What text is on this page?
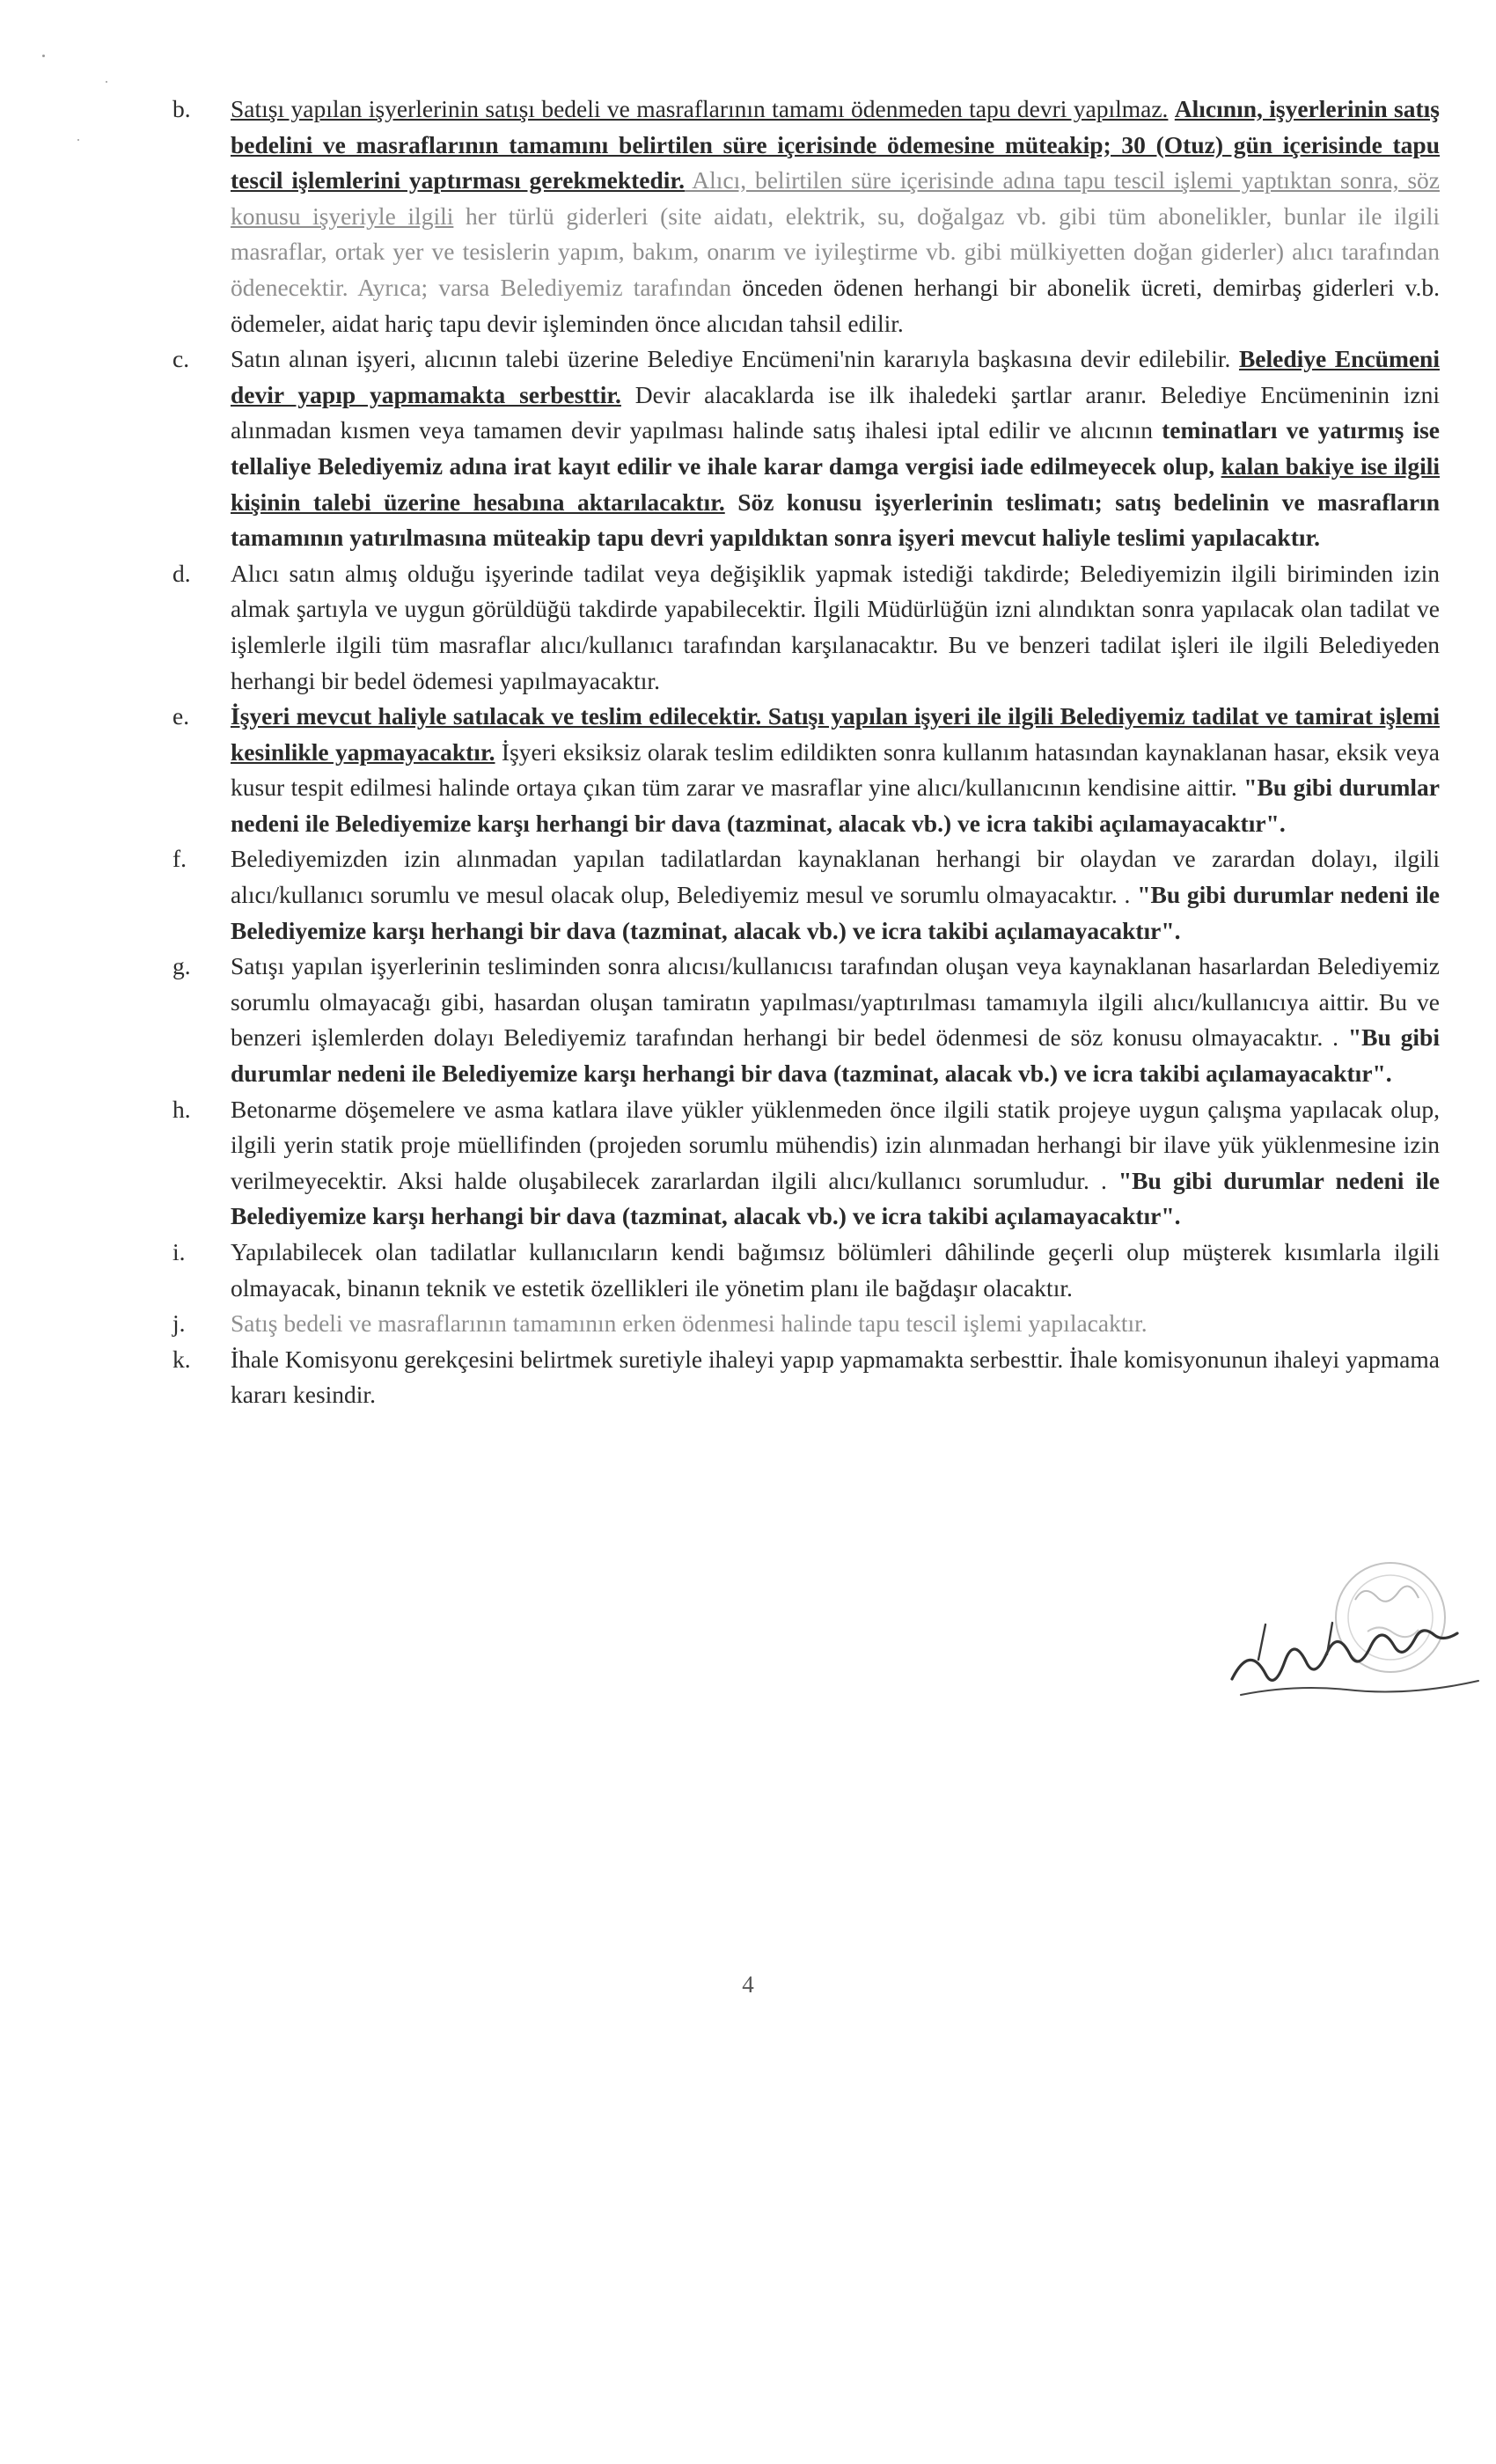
b.	Satışı yapılan işyerlerinin satışı bedeli ve masraflarının tamamı ödenmeden tapu devri yapılmaz. Alıcının, işyerlerinin satış bedelini ve masraflarının tamamını belirtilen süre içerisinde ödemesine müteakip; 30 (Otuz) gün içerisinde tapu tescil işlemlerini yaptırması gerekmektedir. Alıcı, belirtilen süre içerisinde adına tapu tescil işlemi yaptıktan sonra, söz konusu işyeriyle ilgili her türlü giderleri (site aidatı, elektrik, su, doğalgaz vb. gibi tüm abonelikler, bunlar ile ilgili masraflar, ortak yer ve tesislerin yapım, bakım, onarım ve iyileştirme vb. gibi mülkiyetten doğan giderler) alıcı tarafından ödenecektir. Ayrıca; varsa Belediyemiz tarafından önceden ödenen herhangi bir abonelik ücreti, demirbaş giderleri v.b. ödemeler, aidat hariç tapu devir işleminden önce alıcıdan tahsil edilir.
c.	Satın alınan işyeri, alıcının talebi üzerine Belediye Encümeni'nin kararıyla başkasına devir edilebilir. Belediye Encümeni devir yapıp yapmamakta serbesttir. Devir alacaklarda ise ilk ihaledeki şartlar aranır. Belediye Encümeninin izni alınmadan kısmen veya tamamen devir yapılması halinde satış ihalesi iptal edilir ve alıcının teminatları ve yatırmış ise tellaliye Belediyemiz adına irat kayıt edilir ve ihale karar damga vergisi iade edilmeyecek olup, kalan bakiye ise ilgili kişinin talebi üzerine hesabına aktarılacaktır. Söz konusu işyerlerinin teslimatı; satış bedelinin ve masrafların tamamının yatırılmasına müteakip tapu devri yapıldıktan sonra işyeri mevcut haliyle teslimi yapılacaktır.
d.	Alıcı satın almış olduğu işyerinde tadilat veya değişiklik yapmak istediği takdirde; Belediyemizin ilgili biriminden izin almak şartıyla ve uygun görüldüğü takdirde yapabilecektir. İlgili Müdürlüğün izni alındıktan sonra yapılacak olan tadilat ve işlemlerle ilgili tüm masraflar alıcı/kullanıcı tarafından karşılanacaktır. Bu ve benzeri tadilat işleri ile ilgili Belediyeden herhangi bir bedel ödemesi yapılmayacaktır.
e.	İşyeri mevcut haliyle satılacak ve teslim edilecektir. Satışı yapılan işyeri ile ilgili Belediyemiz tadilat ve tamirat işlemi kesinlikle yapmayacaktır. İşyeri eksiksiz olarak teslim edildikten sonra kullanım hatasından kaynaklanan hasar, eksik veya kusur tespit edilmesi halinde ortaya çıkan tüm zarar ve masraflar yine alıcı/kullanıcının kendisine aittir. "Bu gibi durumlar nedeni ile Belediyemize karşı herhangi bir dava (tazminat, alacak vb.) ve icra takibi açılamayacaktır".
f.	Belediyemizden izin alınmadan yapılan tadilatlardan kaynaklanan herhangi bir olaydan ve zarardan dolayı, ilgili alıcı/kullanıcı sorumlu ve mesul olacak olup, Belediyemiz mesul ve sorumlu olmayacaktır. . "Bu gibi durumlar nedeni ile Belediyemize karşı herhangi bir dava (tazminat, alacak vb.) ve icra takibi açılamayacaktır".
g.	Satışı yapılan işyerlerinin tesliminden sonra alıcısı/kullanıcısı tarafından oluşan veya kaynaklanan hasarlardan Belediyemiz sorumlu olmayacağı gibi, hasardan oluşan tamiratın yapılması/yaptırılması tamamıyla ilgili alıcı/kullanıcıya aittir. Bu ve benzeri işlemlerden dolayı Belediyemiz tarafından herhangi bir bedel ödenmesi de söz konusu olmayacaktır. . "Bu gibi durumlar nedeni ile Belediyemize karşı herhangi bir dava (tazminat, alacak vb.) ve icra takibi açılamayacaktır".
h.	Betonarme döşemelere ve asma katlara ilave yükler yüklenmeden önce ilgili statik projeye uygun çalışma yapılacak olup, ilgili yerin statik proje müellifinden (projeden sorumlu mühendis) izin alınmadan herhangi bir ilave yük yüklenmesine izin verilmeyecektir. Aksi halde oluşabilecek zararlardan ilgili alıcı/kullanıcı sorumludur. . "Bu gibi durumlar nedeni ile Belediyemize karşı herhangi bir dava (tazminat, alacak vb.) ve icra takibi açılamayacaktır".
i.	Yapılabilecek olan tadilatlar kullanıcıların kendi bağımsız bölümleri dâhilinde geçerli olup müşterek kısımlarla ilgili olmayacak, binanın teknik ve estetik özellikleri ile yönetim planı ile bağdaşır olacaktır.
j.	Satış bedeli ve masraflarının tamamının erken ödenmesi halinde tapu tescil işlemi yapılacaktır.
k.	İhale Komisyonu gerekçesini belirtmek suretiyle ihaleyi yapıp yapmamakta serbesttir. İhale komisyonunun ihaleyi yapmama kararı kesindir.
4
